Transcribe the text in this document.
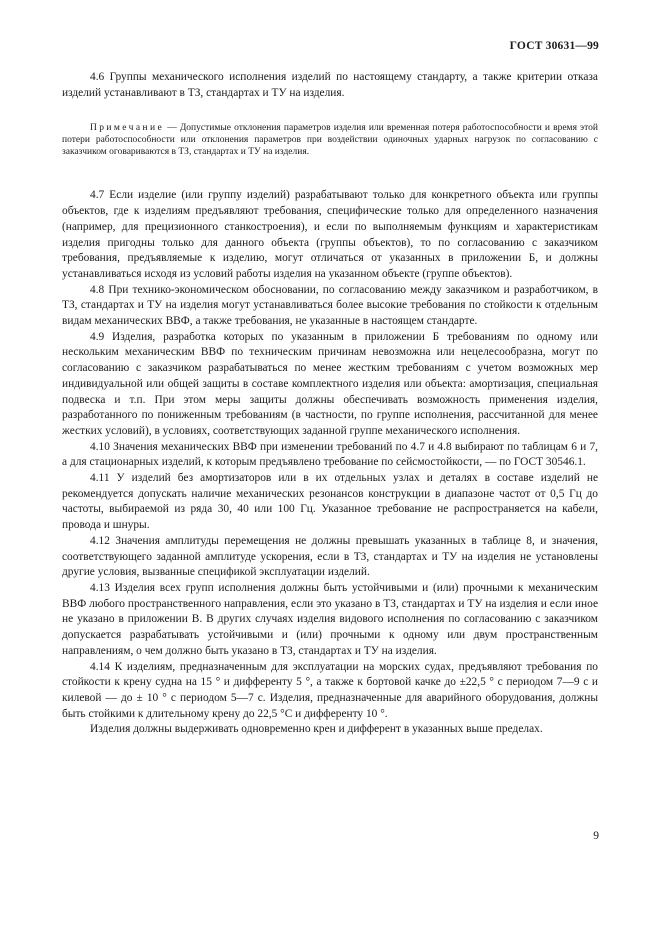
ГОСТ 30631—99

4.6 Группы механического исполнения изделий по настоящему стандарту, а также критерии отказа изделий устанавливают в ТЗ, стандартах и ТУ на изделия.

Примечание — Допустимые отклонения параметров изделия или временная потеря работоспособности и время этой потери работоспособности или отклонения параметров при воздействии одиночных ударных нагрузок по согласованию с заказчиком оговариваются в ТЗ, стандартах и ТУ на изделия.

4.7 Если изделие (или группу изделий) разрабатывают только для конкретного объекта или группы объектов, где к изделиям предъявляют требования, специфические только для определенного назначения (например, для прецизионного станкостроения), и если по выполняемым функциям и характеристикам изделия пригодны только для данного объекта (группы объектов), то по согласованию с заказчиком требования, предъявляемые к изделию, могут отличаться от указанных в приложении Б, и должны устанавливаться исходя из условий работы изделия на указанном объекте (группе объектов).

4.8 При технико-экономическом обосновании, по согласованию между заказчиком и разработчиком, в ТЗ, стандартах и ТУ на изделия могут устанавливаться более высокие требования по стойкости к отдельным видам механических ВВФ, а также требования, не указанные в настоящем стандарте.

4.9 Изделия, разработка которых по указанным в приложении Б требованиям по одному или нескольким механическим ВВФ по техническим причинам невозможна или нецелесообразна, могут по согласованию с заказчиком разрабатываться по менее жестким требованиям с учетом возможных мер индивидуальной или общей защиты в составе комплектного изделия или объекта: амортизация, специальная подвеска и т.п. При этом меры защиты должны обеспечивать возможность применения изделия, разработанного по пониженным требованиям (в частности, по группе исполнения, рассчитанной для менее жестких условий), в условиях, соответствующих заданной группе механического исполнения.

4.10 Значения механических ВВФ при изменении требований по 4.7 и 4.8 выбирают по таблицам 6 и 7, а для стационарных изделий, к которым предъявлено требование по сейсмостойкости, — по ГОСТ 30546.1.

4.11 У изделий без амортизаторов или в их отдельных узлах и деталях в составе изделий не рекомендуется допускать наличие механических резонансов конструкции в диапазоне частот от 0,5 Гц до частоты, выбираемой из ряда 30, 40 или 100 Гц. Указанное требование не распространяется на кабели, провода и шнуры.

4.12 Значения амплитуды перемещения не должны превышать указанных в таблице 8, и значения, соответствующего заданной амплитуде ускорения, если в ТЗ, стандартах и ТУ на изделия не установлены другие условия, вызванные спецификой эксплуатации изделий.

4.13 Изделия всех групп исполнения должны быть устойчивыми и (или) прочными к механическим ВВФ любого пространственного направления, если это указано в ТЗ, стандартах и ТУ на изделия и если иное не указано в приложении В. В других случаях изделия видового исполнения по согласованию с заказчиком допускается разрабатывать устойчивыми и (или) прочными к одному или двум пространственным направлениям, о чем должно быть указано в ТЗ, стандартах и ТУ на изделия.

4.14 К изделиям, предназначенным для эксплуатации на морских судах, предъявляют требования по стойкости к крену судна на 15 ° и дифференту 5 °, а также к бортовой качке до ±22,5 ° с периодом 7—9 с и килевой — до ± 10 ° с периодом 5—7 с. Изделия, предназначенные для аварийного оборудования, должны быть стойкими к длительному крену до 22,5 °С и дифференту 10 °.

Изделия должны выдерживать одновременно крен и дифферент в указанных выше пределах.

9
